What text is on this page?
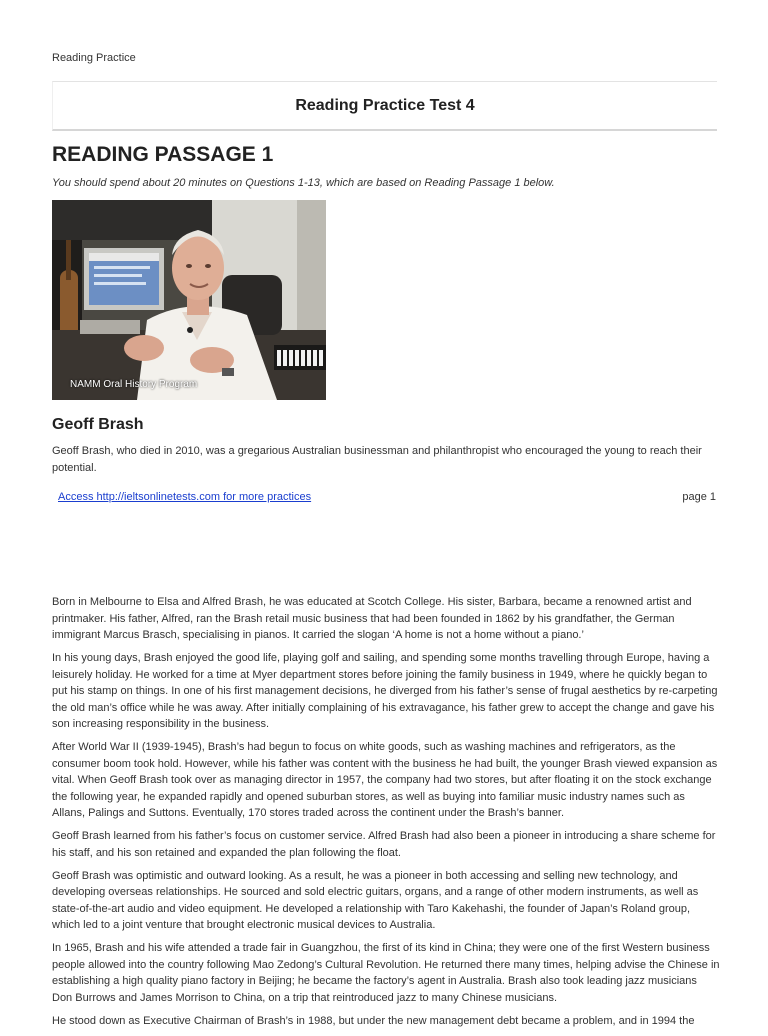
Reading Practice
Reading Practice Test 4
READING PASSAGE 1
You should spend about 20 minutes on Questions 1-13, which are based on Reading Passage 1 below.
NAMM Oral History Program
Geoff Brash

Geoff Brash, who died in 2010, was a gregarious Australian businessman and philanthropist who encouraged the young to reach their potential.

Access http://ieltsonlinetests.com for more practices	page 1

Born in Melbourne to Elsa and Alfred Brash, he was educated at Scotch College. His sister, Barbara, became a renowned artist and printmaker. His father, Alfred, ran the Brash retail music business that had been founded in 1862 by his grandfather, the German immigrant Marcus Brasch, specialising in pianos. It carried the slogan ‘A home is not a home without a piano.’

In his young days, Brash enjoyed the good life, playing golf and sailing, and spending some months travelling through Europe, having a leisurely holiday. He worked for a time at Myer department stores before joining the family business in 1949, where he quickly began to put his stamp on things. In one of his first management decisions, he diverged from his father’s sense of frugal aesthetics by re-carpeting the old man’s office while he was away. After initially complaining of his extravagance, his father grew to accept the change and gave his son increasing responsibility in the business.

After World War II (1939-1945), Brash’s had begun to focus on white goods, such as washing machines and refrigerators, as the consumer boom took hold. However, while his father was content with the business he had built, the younger Brash viewed expansion as vital. When Geoff Brash took over as managing director in 1957, the company had two stores, but after floating it on the stock exchange the following year, he expanded rapidly and opened suburban stores, as well as buying into familiar music industry names such as Allans, Palings and Suttons. Eventually, 170 stores traded across the continent under the Brash’s banner.

Geoff Brash learned from his father’s focus on customer service. Alfred Brash had also been a pioneer in introducing a share scheme for his staff, and his son retained and expanded the plan following the float.

Geoff Brash was optimistic and outward looking. As a result, he was a pioneer in both accessing and selling new technology, and developing overseas relationships. He sourced and sold electric guitars, organs, and a range of other modern instruments, as well as state-of-the-art audio and video equipment. He developed a relationship with Taro Kakehashi, the founder of Japan’s Roland group, which led to a joint venture that brought electronic musical devices to Australia.

In 1965, Brash and his wife attended a trade fair in Guangzhou, the first of its kind in China; they were one of the first Western business people allowed into the country following Mao Zedong’s Cultural Revolution. He returned there many times, helping advise the Chinese in establishing a high quality piano factory in Beijing; he became the factory’s agent in Australia. Brash also took leading jazz musicians Don Burrows and James Morrison to China, on a trip that reintroduced jazz to many Chinese musicians.

He stood down as Executive Chairman of Brash’s in 1988, but under the new management debt became a problem, and in 1994 the
